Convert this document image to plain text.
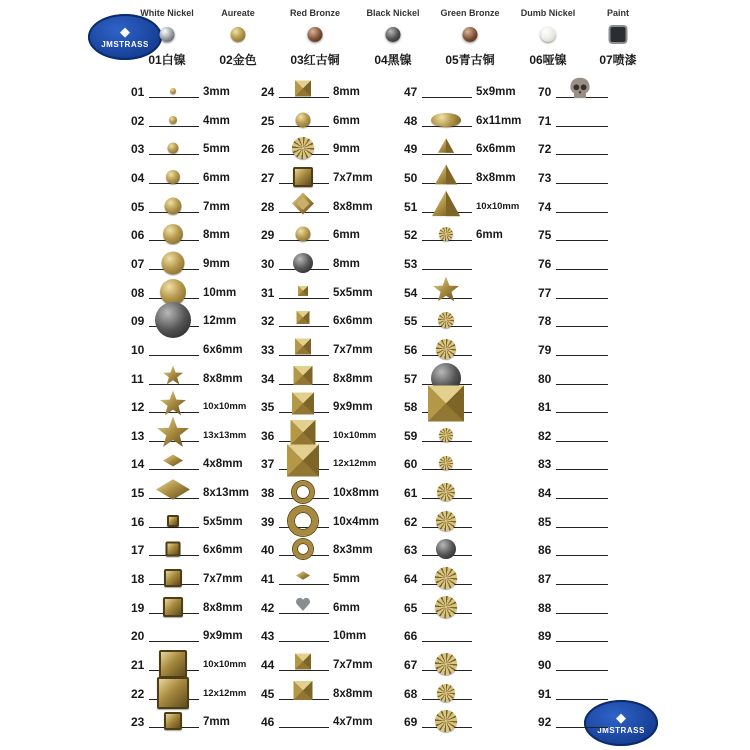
◆
JMSTRASS
◆
JMSTRASS
White Nickel
01白镍
Aureate
02金色
Red Bronze
03红古铜
Black Nickel
04黑镍
Green Bronze
05青古铜
Dumb Nickel
06哑镍
Paint
07喷漆
01	3mm
02	4mm
03	5mm
04	6mm
05	7mm
06	8mm
07	9mm
08	10mm
09	12mm
10	6x6mm
11	8x8mm
12	10x10mm
13	13x13mm
14	4x8mm
15	8x13mm
16	5x5mm
17	6x6mm
18	7x7mm
19	8x8mm
20	9x9mm
21	10x10mm
22	12x12mm
23	7mm
24	8mm
25	6mm
26	9mm
27	7x7mm
28	8x8mm
29	6mm
30	8mm
31	5x5mm
32	6x6mm
33	7x7mm
34	8x8mm
35	9x9mm
36	10x10mm
37	12x12mm
38	10x8mm
39	10x4mm
40	8x3mm
41	5mm
42	6mm
43	10mm
44	7x7mm
45	8x8mm
46	4x7mm
47	5x9mm
48	6x11mm
49	6x6mm
50	8x8mm
51	10x10mm
52	6mm
53
54
55
56
57
58
59
60
61
62
63
64
65
66
67
68
69
70
71
72
73
74
75
76
77
78
79
80
81
82
83
84
85
86
87
88
89
90
91
92
